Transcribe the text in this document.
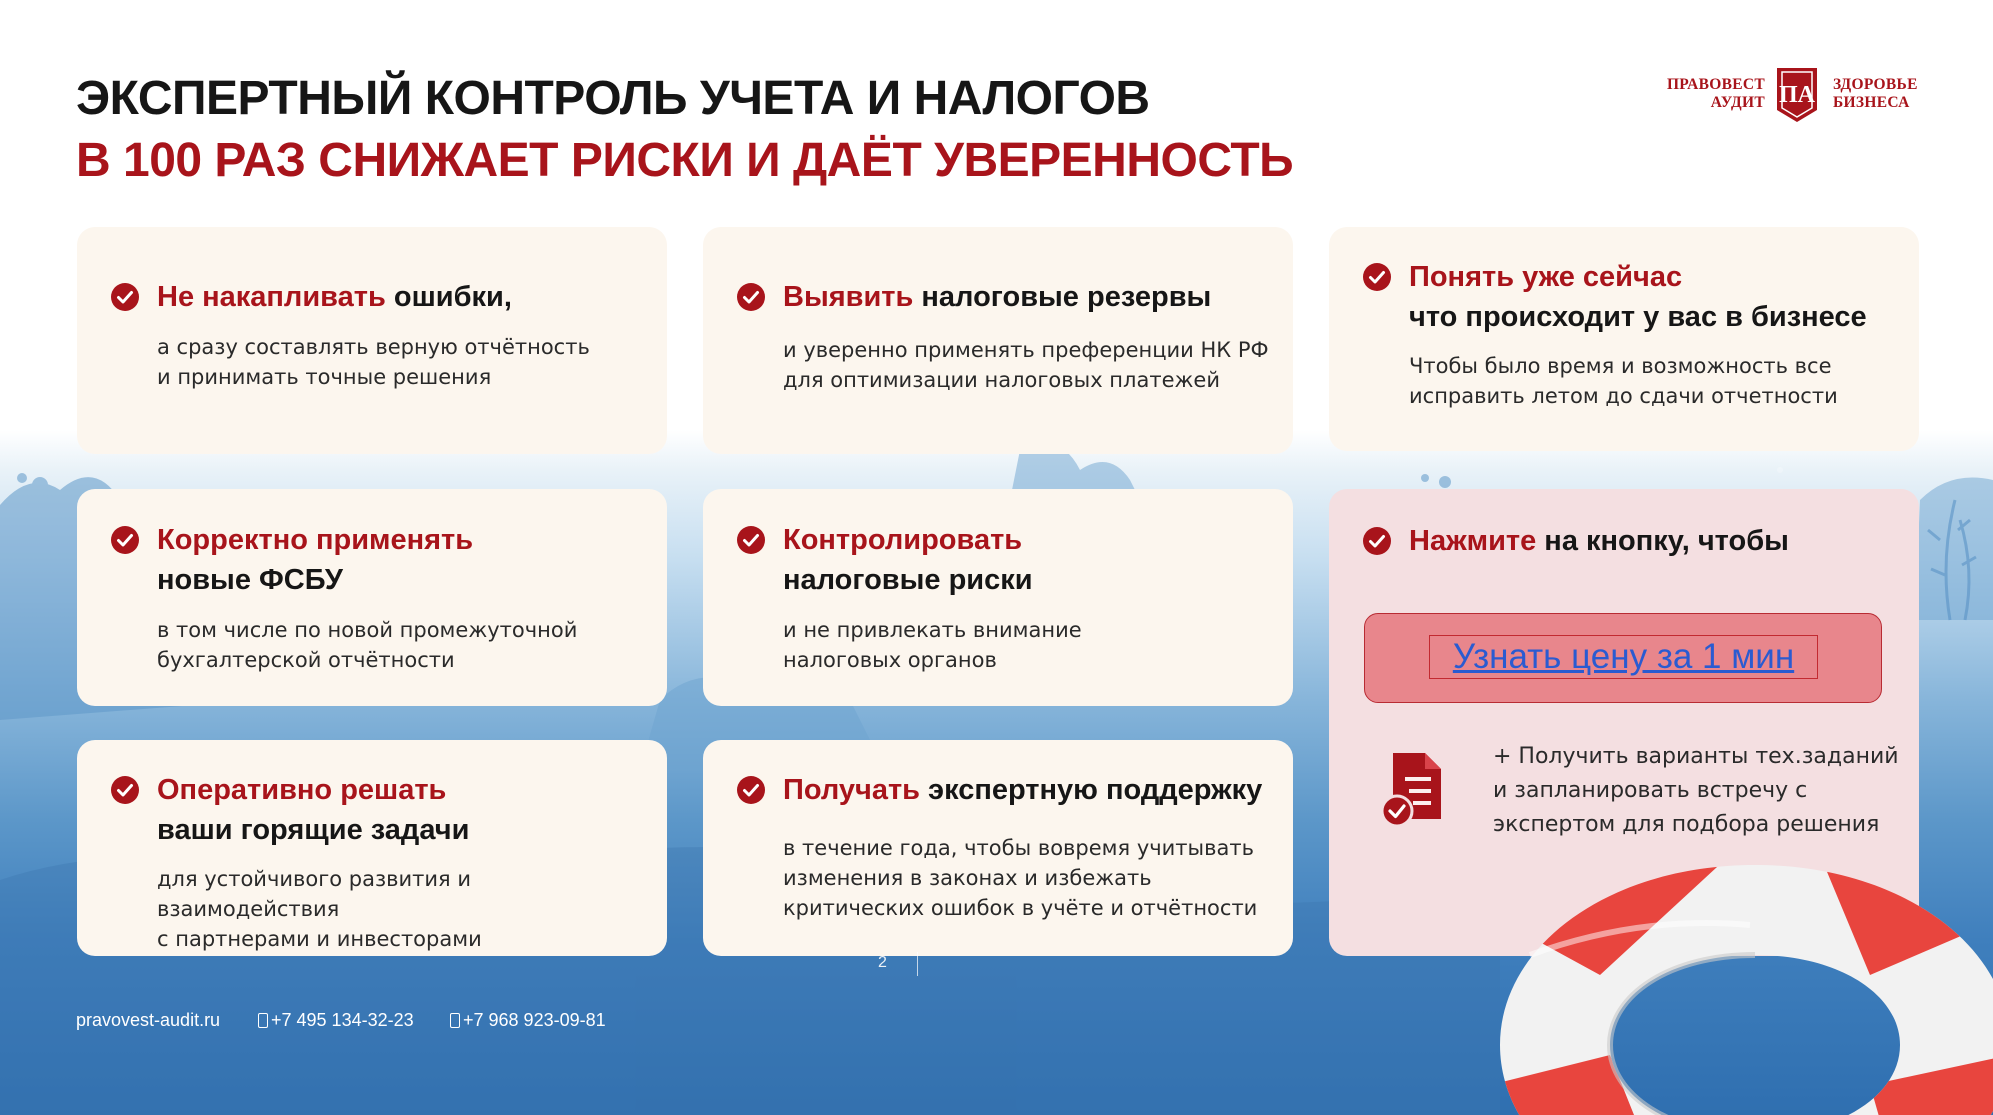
ЭКСПЕРТНЫЙ КОНТРОЛЬ УЧЕТА И НАЛОГОВ
В 100 РАЗ СНИЖАЕТ РИСКИ И ДАЁТ УВЕРЕННОСТЬ
ПРАВОВЕСТ
АУДИТ ПА ЗДОРОВЬЕ
БИЗНЕСА

Не накапливать ошибки,

а сразу составлять верную отчётность
и принимать точные решения

Выявить налоговые резервы

и уверенно применять преференции НК РФ
для оптимизации налоговых платежей

Понять уже сейчас
что происходит у вас в бизнесе

Чтобы было время и возможность все
исправить летом до сдачи отчетности

Корректно применять
новые ФСБУ

в том числе по новой промежуточной
бухгалтерской отчётности

Контролировать
налоговые риски

и не привлекать внимание
налоговых органов

Оперативно решать
ваши горящие задачи

для устойчивого развития и взаимодействия
с партнерами и инвесторами

Получать экспертную поддержку

в течение года, чтобы вовремя учитывать
изменения в законах и избежать
критических ошибок в учёте и отчётности

Нажмите на кнопку, чтобы

Узнать цену за 1 мин

+ Получить варианты тех.заданий
и запланировать встречу с
экспертом для подбора решения

2
pravovest-audit.ru	+7 495 134-32-23	+7 968 923-09-81
